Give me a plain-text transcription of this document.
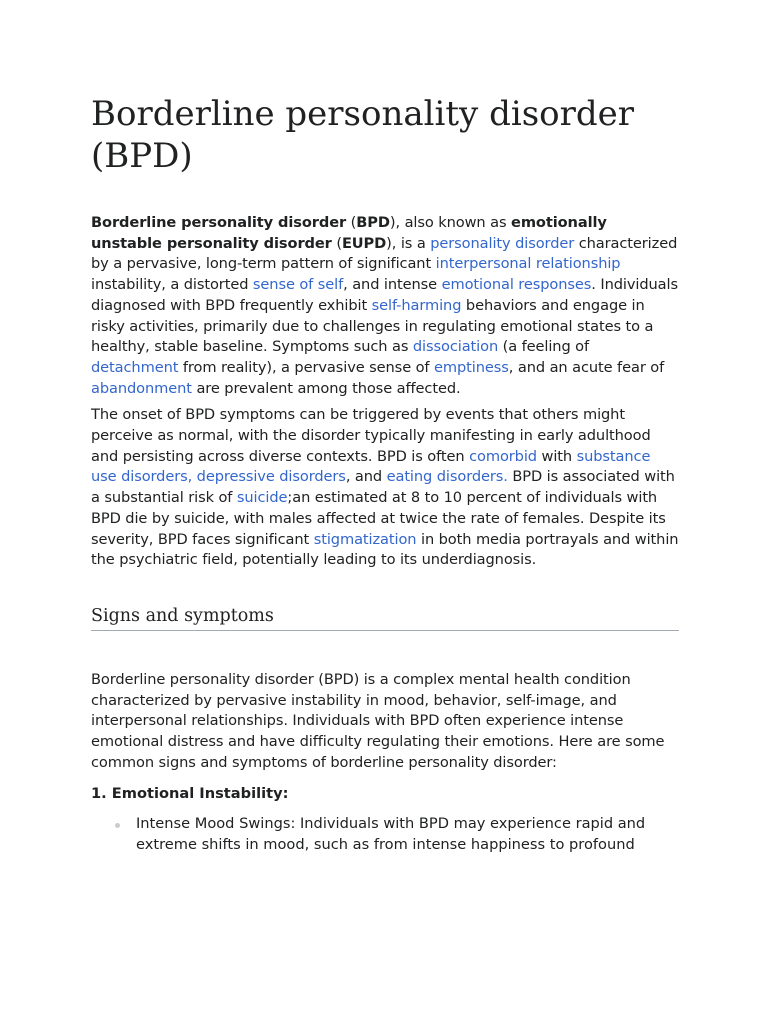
Borderline personality disorder
(BPD)

Borderline personality disorder (BPD), also known as emotionally unstable personality disorder (EUPD), is a personality disorder characterized by a pervasive, long-term pattern of significant interpersonal relationship instability, a distorted sense of self, and intense emotional responses. Individuals diagnosed with BPD frequently exhibit self-harming behaviors and engage in risky activities, primarily due to challenges in regulating emotional states to a healthy, stable baseline. Symptoms such as dissociation (a feeling of detachment from reality), a pervasive sense of emptiness, and an acute fear of abandonment are prevalent among those affected.

The onset of BPD symptoms can be triggered by events that others might perceive as normal, with the disorder typically manifesting in early adulthood and persisting across diverse contexts. BPD is often comorbid with substance use disorders, depressive disorders, and eating disorders. BPD is associated with a substantial risk of suicide;an estimated at 8 to 10 percent of individuals with BPD die by suicide, with males affected at twice the rate of females. Despite its severity, BPD faces significant stigmatization in both media portrayals and within the psychiatric field, potentially leading to its underdiagnosis.

Signs and symptoms

Borderline personality disorder (BPD) is a complex mental health condition characterized by pervasive instability in mood, behavior, self-image, and interpersonal relationships. Individuals with BPD often experience intense emotional distress and have difficulty regulating their emotions. Here are some common signs and symptoms of borderline personality disorder:

1. Emotional Instability:
Intense Mood Swings: Individuals with BPD may experience rapid and extreme shifts in mood, such as from intense happiness to profound
